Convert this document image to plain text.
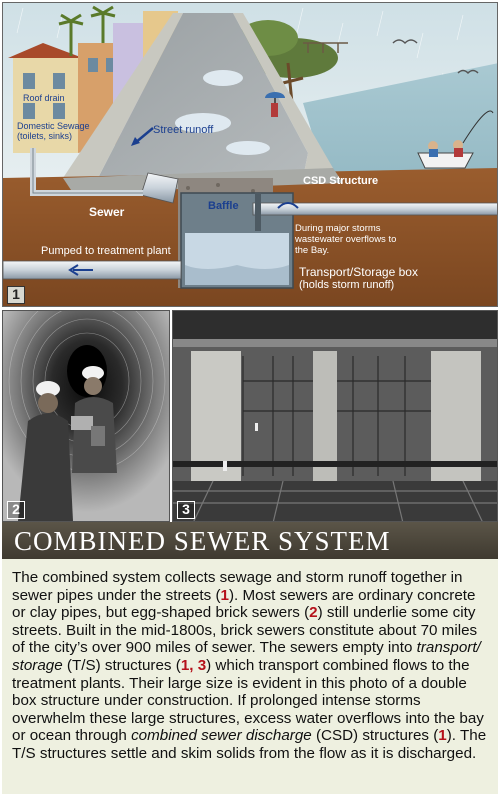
Roof drain
Domestic Sewage (toilets, sinks)	Street runoff
CSD Structure
Sewer	Baffle
During major storms wastewater overflows to the Bay.
Pumped to treatment plant
Transport/Storage box
(holds storm runoff)
1
2	3
COMBINED SEWER SYSTEM
The combined system collects sewage and storm runoff together in sewer pipes under the streets (1). Most sewers are ordinary concrete or clay pipes, but egg-shaped brick sewers (2) still underlie some city streets. Built in the mid-1800s, brick sewers constitute about 70 miles of the city’s over 900 miles of sewer. The sewers empty into transport/ storage (T/S) structures (1, 3) which transport combined flows to the treatment plants. Their large size is evident in this photo of a double box structure under construction. If prolonged intense storms overwhelm these large structures, excess water overflows into the bay or ocean through combined sewer discharge (CSD) structures (1). The T/S structures settle and skim solids from the flow as it is discharged.
